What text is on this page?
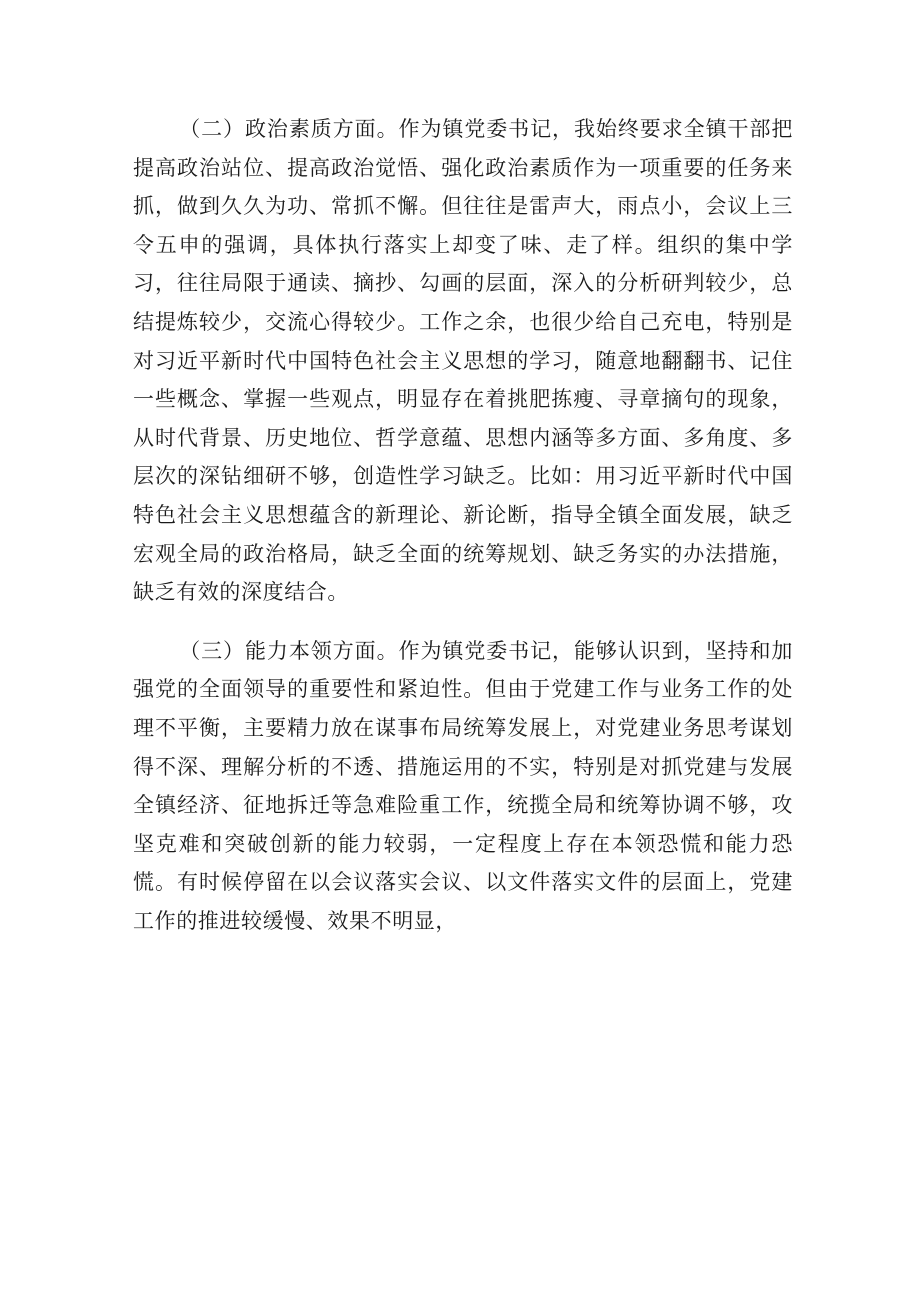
（二）政治素质方面。作为镇党委书记，我始终要求全镇干部把提高政治站位、提高政治觉悟、强化政治素质作为一项重要的任务来抓，做到久久为功、常抓不懈。但往往是雷声大，雨点小，会议上三令五申的强调，具体执行落实上却变了味、走了样。组织的集中学习，往往局限于通读、摘抄、勾画的层面，深入的分析研判较少，总结提炼较少，交流心得较少。工作之余，也很少给自己充电，特别是对习近平新时代中国特色社会主义思想的学习，随意地翻翻书、记住一些概念、掌握一些观点，明显存在着挑肥拣瘦、寻章摘句的现象，从时代背景、历史地位、哲学意蕴、思想内涵等多方面、多角度、多层次的深钻细研不够，创造性学习缺乏。比如：用习近平新时代中国特色社会主义思想蕴含的新理论、新论断，指导全镇全面发展，缺乏宏观全局的政治格局，缺乏全面的统筹规划、缺乏务实的办法措施，缺乏有效的深度结合。

（三）能力本领方面。作为镇党委书记，能够认识到，坚持和加强党的全面领导的重要性和紧迫性。但由于党建工作与业务工作的处理不平衡，主要精力放在谋事布局统筹发展上，对党建业务思考谋划得不深、理解分析的不透、措施运用的不实，特别是对抓党建与发展全镇经济、征地拆迁等急难险重工作，统揽全局和统筹协调不够，攻坚克难和突破创新的能力较弱，一定程度上存在本领恐慌和能力恐慌。有时候停留在以会议落实会议、以文件落实文件的层面上，党建工作的推进较缓慢、效果不明显，
